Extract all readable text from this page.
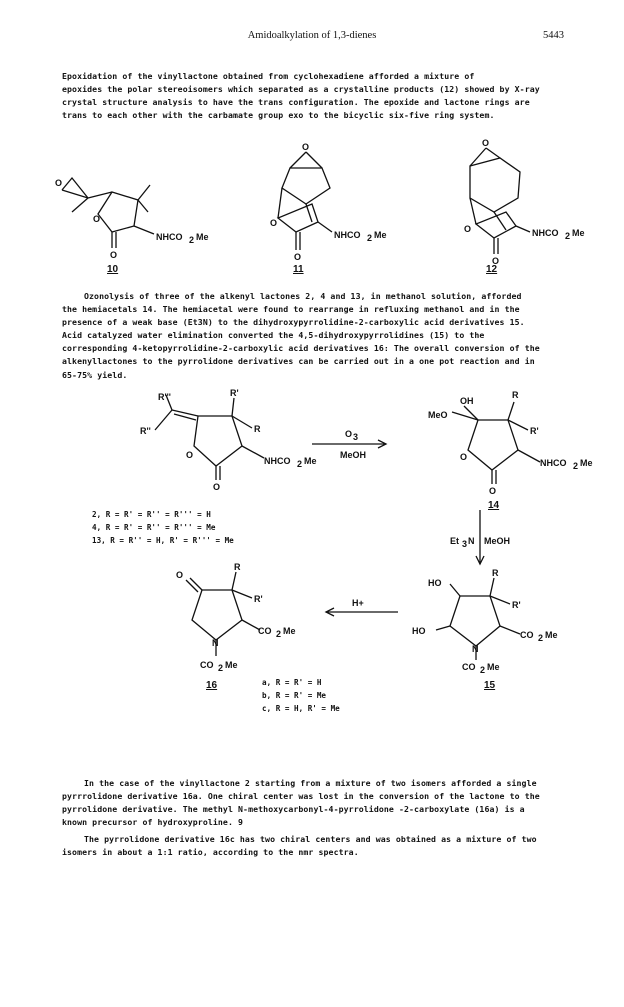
Amidoalkylation of 1,3-dienes	5443
Epoxidation of the vinyllactone obtained from cyclohexadiene afforded a mixture of
epoxides the polar stereoisomers which separated as a crystalline products (12) showed by X-ray
crystal structure analysis to have the trans configuration. The epoxide and lactone rings are
trans to each other with the carbamate group exo to the bicyclic six-five ring system.
Ozonolysis of three of the alkenyl lactones 2, 4 and 13, in methanol solution, afforded
the hemiacetals 14. The hemiacetal were found to rearrange in refluxing methanol and in the
presence of a weak base (Et3N) to the dihydroxypyrrolidine-2-carboxylic acid derivatives 15.
Acid catalyzed water elimination converted the 4,5-dihydroxypyrrolidines (15) to the
corresponding 4-ketopyrrolidine-2-carboxylic acid derivatives 16: The overall conversion of the
alkenyllactones to the pyrrolidone derivatives can be carried out in a one pot reaction and in
65-75% yield.
In the case of the vinyllactone 2 starting from a mixture of two isomers afforded a single
pyrrrolidone derivative 16a. One chiral center was lost in the conversion of the lactone to the
pyrrolidone derivative. The methyl N-methoxycarbonyl-4-pyrrolidone -2-carboxylate (16a) is a
known precursor of hydroxyproline. 9
The pyrrolidone derivative 16c has two chiral centers and was obtained as a mixture of two
isomers in about a 1:1 ratio, according to the nmr spectra.
O
O
NHCO 2 Me
O
10
O
O
NHCO 2 Me
O
11
O
O	NHCO 2 Me
O
12
R''
R'''	R'
R
O
NHCO 2 Me
O
O 3
MeOH
Et 3 N MeOH
H+
OH
MeO
R
R'
O
NHCO 2 Me
O
14
HO
R
R'
HO	CO 2 Me
N
CO 2 Me
15
O
R
R'
CO 2 Me
N
CO 2 Me
16
2, R = R' = R'' = R''' = H
4, R = R' = R'' = R''' = Me
13, R = R'' = H, R' = R''' = Me
a, R = R' = H
b, R = R' = Me
c, R = H, R' = Me
